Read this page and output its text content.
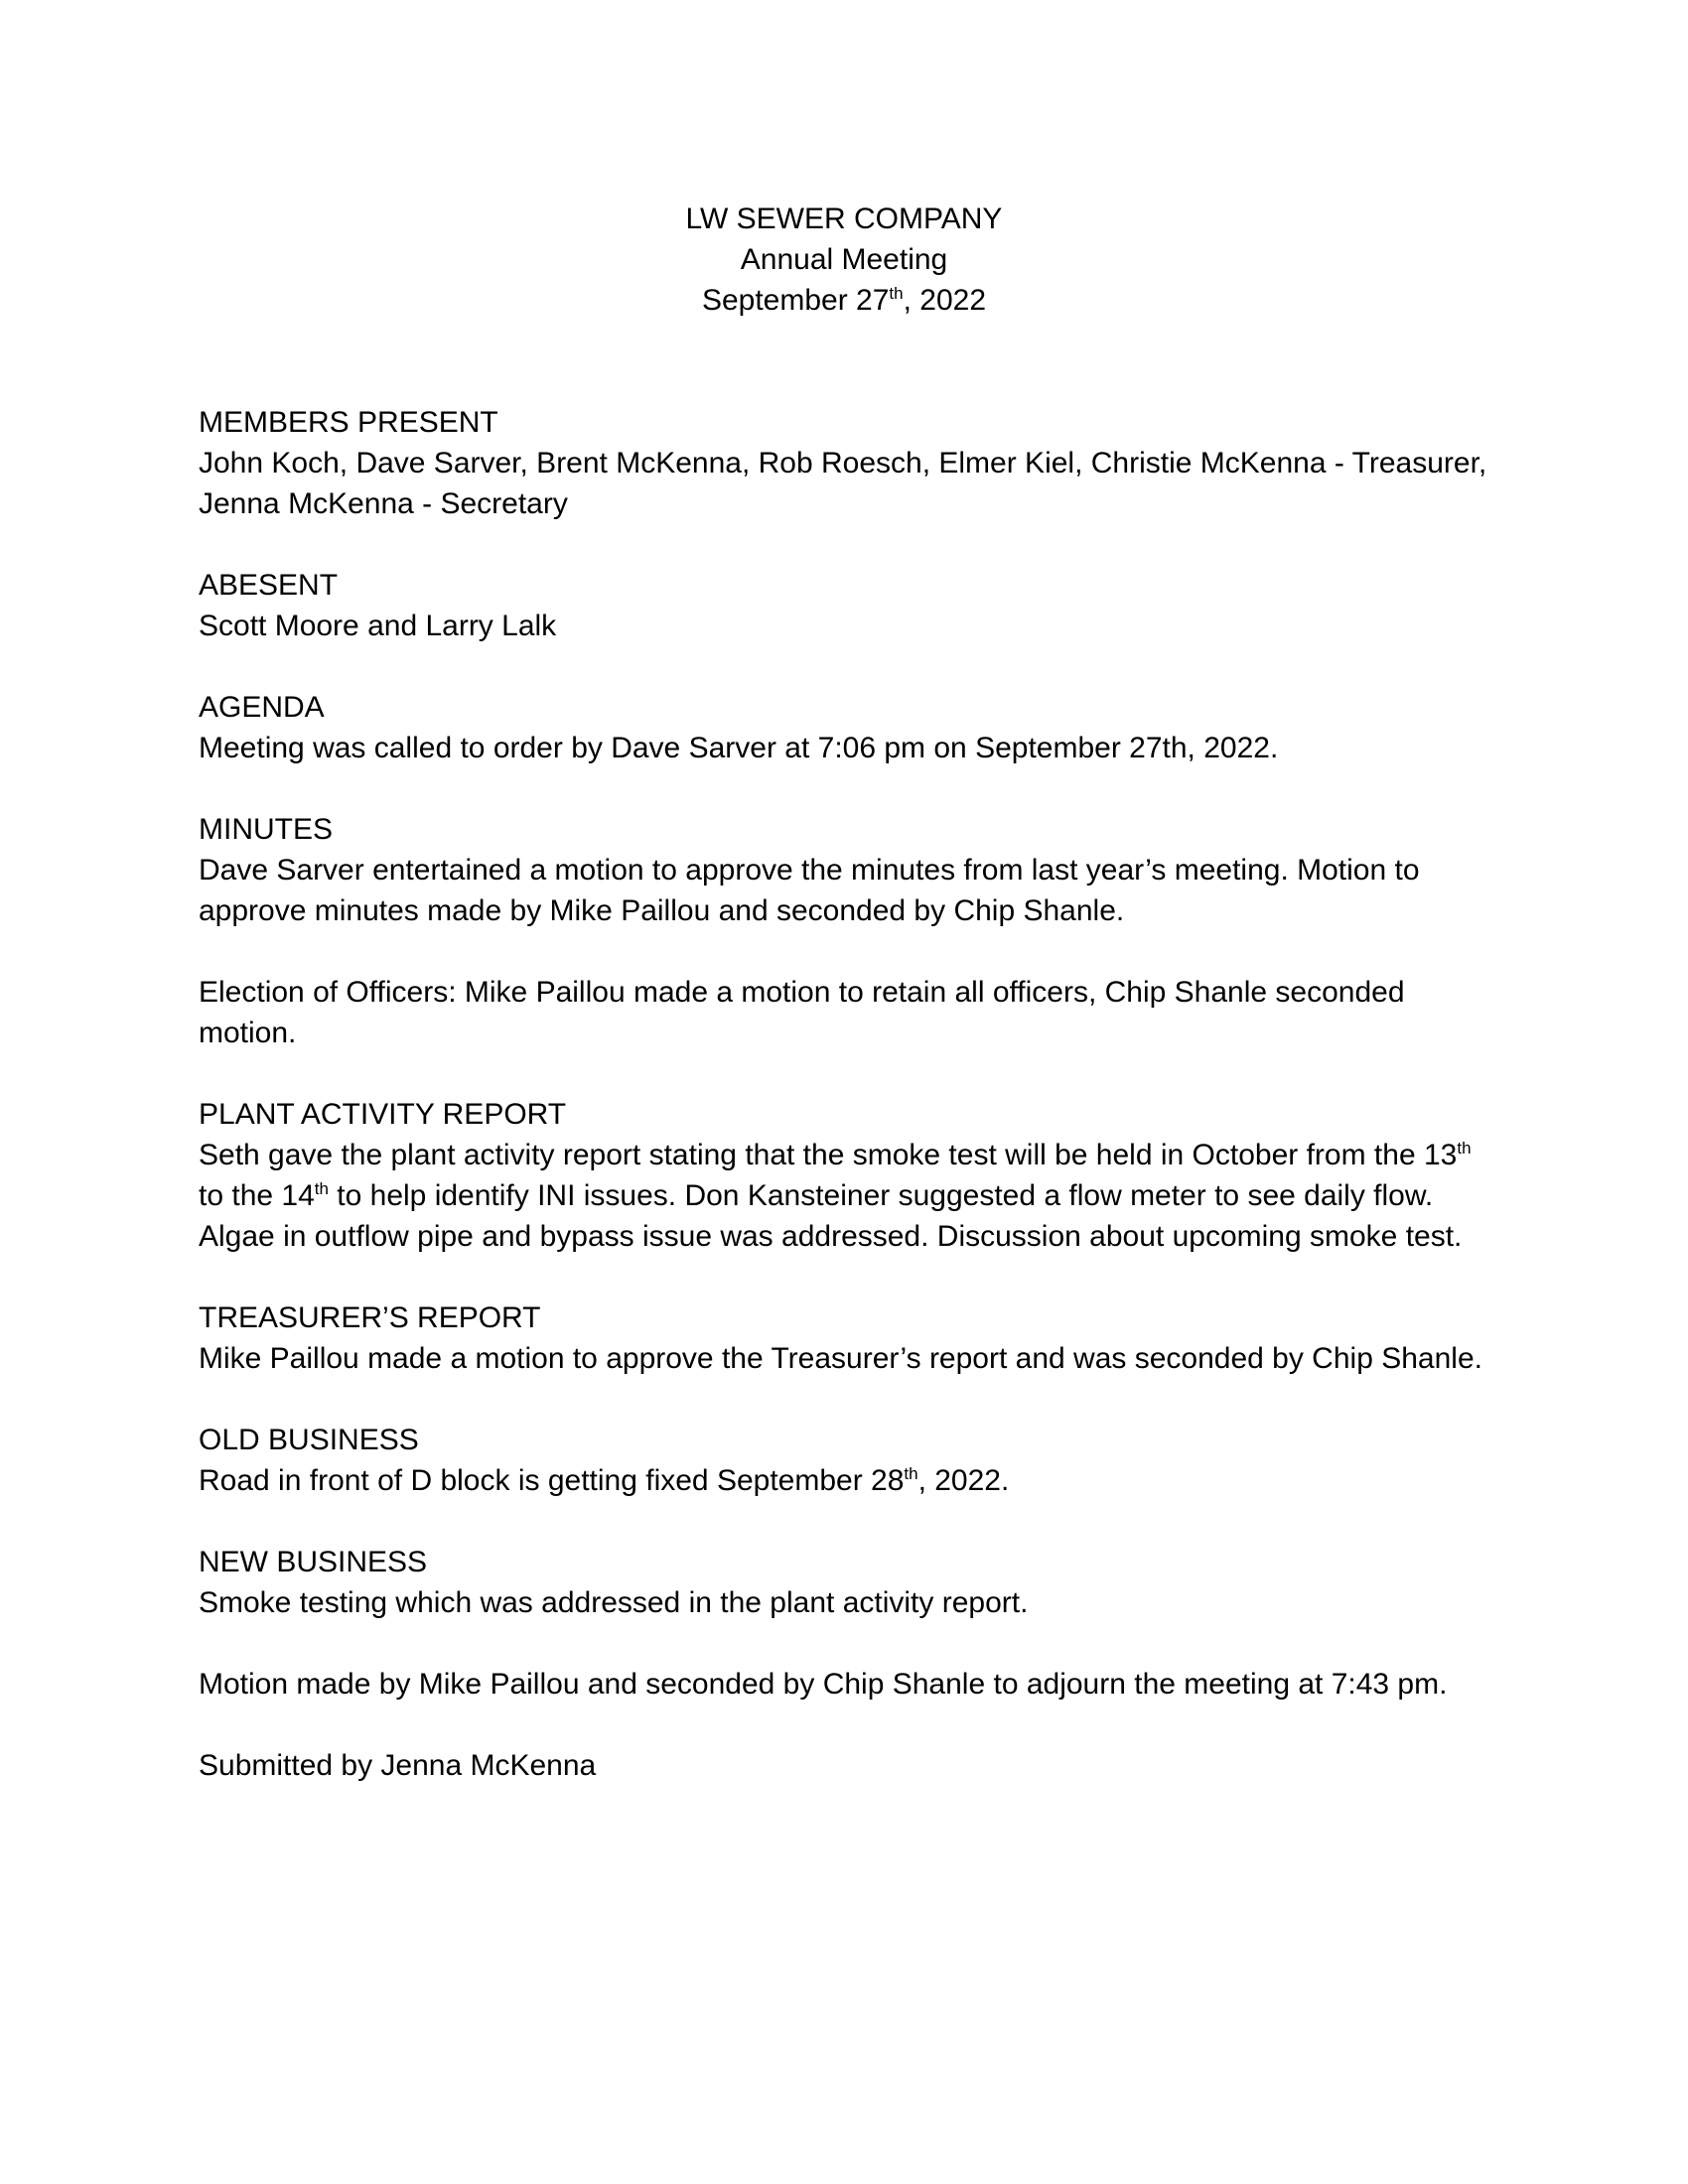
LW SEWER COMPANY
Annual Meeting
September 27th, 2022
MEMBERS PRESENT
John Koch, Dave Sarver, Brent McKenna, Rob Roesch, Elmer Kiel, Christie McKenna - Treasurer, Jenna McKenna - Secretary
ABESENT
Scott Moore and Larry Lalk
AGENDA
Meeting was called to order by Dave Sarver at 7:06 pm on September 27th, 2022.
MINUTES
Dave Sarver entertained a motion to approve the minutes from last year’s meeting. Motion to approve minutes made by Mike Paillou and seconded by Chip Shanle.
Election of Officers: Mike Paillou made a motion to retain all officers, Chip Shanle seconded motion.
PLANT ACTIVITY REPORT
Seth gave the plant activity report stating that the smoke test will be held in October from the 13th to the 14th to help identify INI issues. Don Kansteiner suggested a flow meter to see daily flow. Algae in outflow pipe and bypass issue was addressed. Discussion about upcoming smoke test.
TREASURER’S REPORT
Mike Paillou made a motion to approve the Treasurer’s report and was seconded by Chip Shanle.
OLD BUSINESS
Road in front of D block is getting fixed September 28th, 2022.
NEW BUSINESS
Smoke testing which was addressed in the plant activity report.
Motion made by Mike Paillou and seconded by Chip Shanle to adjourn the meeting at 7:43 pm.
Submitted by Jenna McKenna
